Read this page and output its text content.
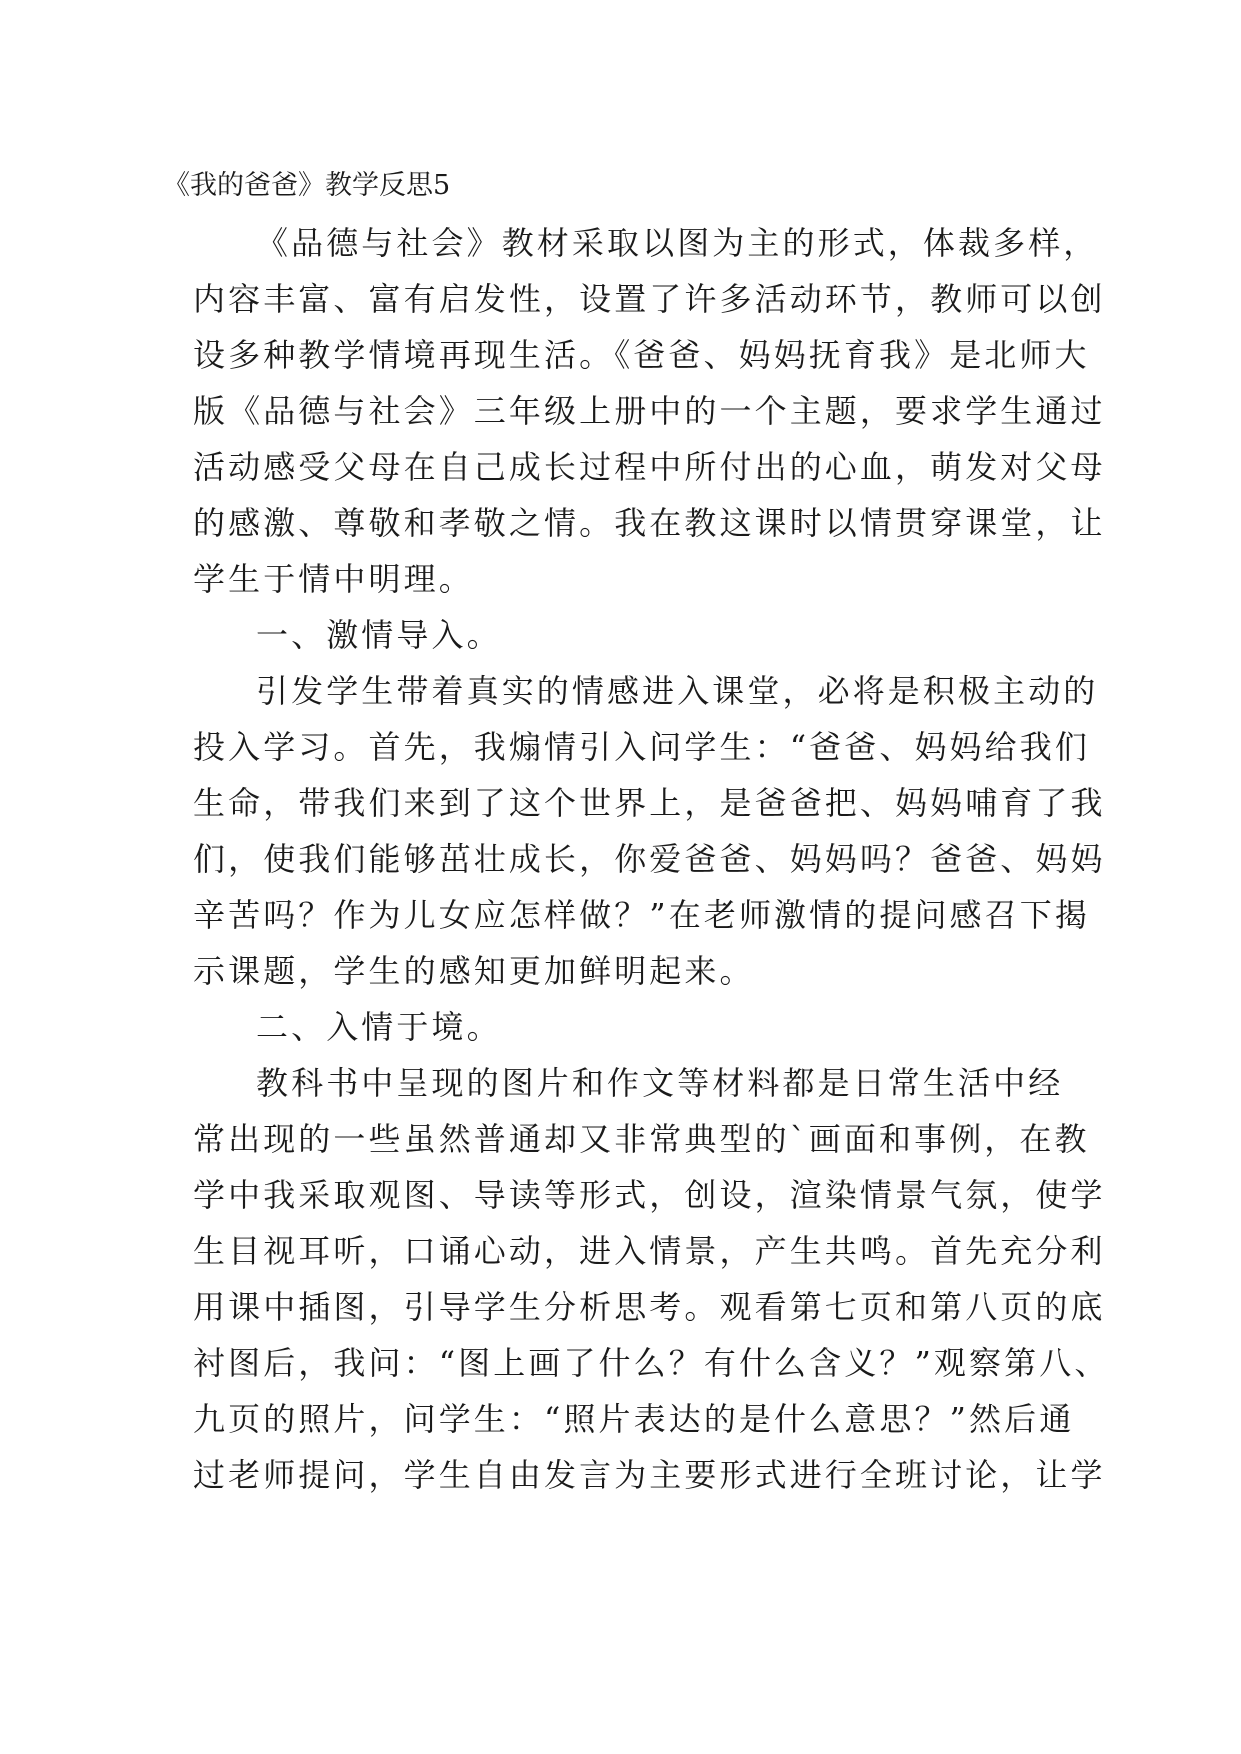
《我的爸爸》教学反思5

《品德与社会》教材采取以图为主的形式，体裁多样，

内容丰富、富有启发性，设置了许多活动环节，教师可以创

设多种教学情境再现生活。《爸爸、妈妈抚育我》是北师大

版《品德与社会》三年级上册中的一个主题，要求学生通过

活动感受父母在自己成长过程中所付出的心血，萌发对父母

的感激、尊敬和孝敬之情。我在教这课时以情贯穿课堂，让

学生于情中明理。

一、激情导入。

引发学生带着真实的情感进入课堂，必将是积极主动的

投入学习。首先，我煽情引入问学生：“爸爸、妈妈给我们

生命，带我们来到了这个世界上，是爸爸把、妈妈哺育了我

们，使我们能够茁壮成长，你爱爸爸、妈妈吗？爸爸、妈妈

辛苦吗？作为儿女应怎样做？”在老师激情的提问感召下揭

示课题，学生的感知更加鲜明起来。

二、入情于境。

教科书中呈现的图片和作文等材料都是日常生活中经

常出现的一些虽然普通却又非常典型的`画面和事例，在教

学中我采取观图、导读等形式，创设，渲染情景气氛，使学

生目视耳听，口诵心动，进入情景，产生共鸣。首先充分利

用课中插图，引导学生分析思考。观看第七页和第八页的底

衬图后，我问：“图上画了什么？有什么含义？”观察第八、

九页的照片，问学生：“照片表达的是什么意思？”然后通

过老师提问，学生自由发言为主要形式进行全班讨论，让学
